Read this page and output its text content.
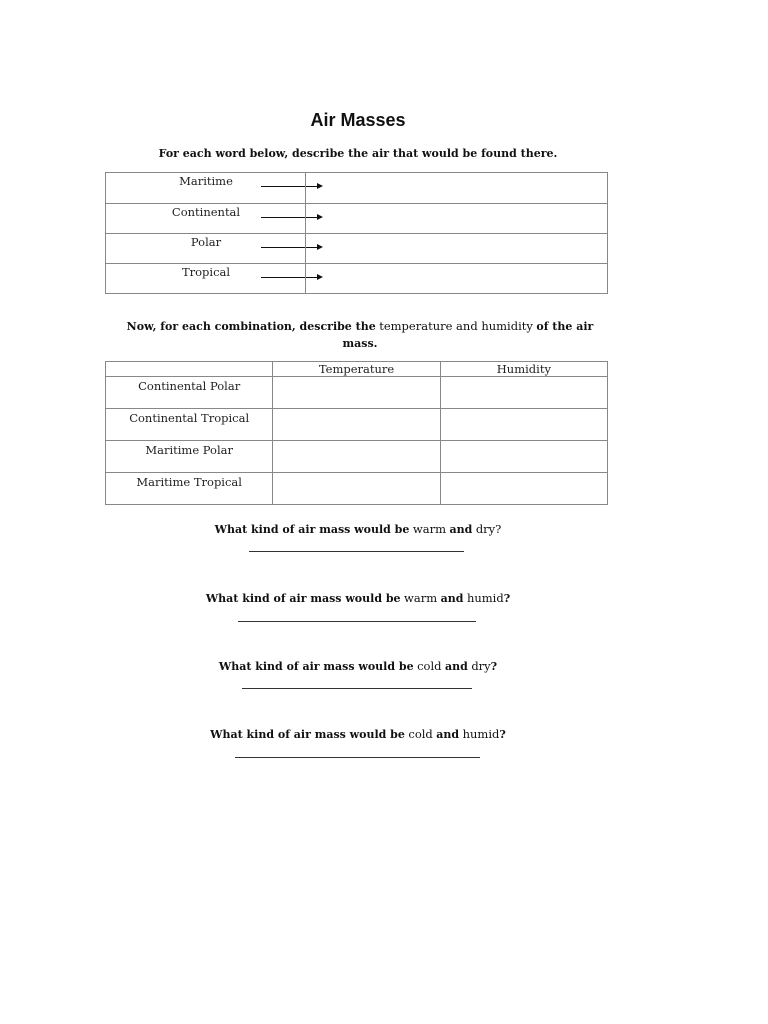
Air Masses
For each word below, describe the air that would be found there.
Maritime
Continental
Polar
Tropical
Now, for each combination, describe the temperature and humidity of the air mass.
	Temperature	Humidity
Continental Polar		
Continental Tropical		
Maritime Polar		
Maritime Tropical		
What kind of air mass would be warm and dry?
What kind of air mass would be warm and humid?
What kind of air mass would be cold and dry?
What kind of air mass would be cold and humid?
